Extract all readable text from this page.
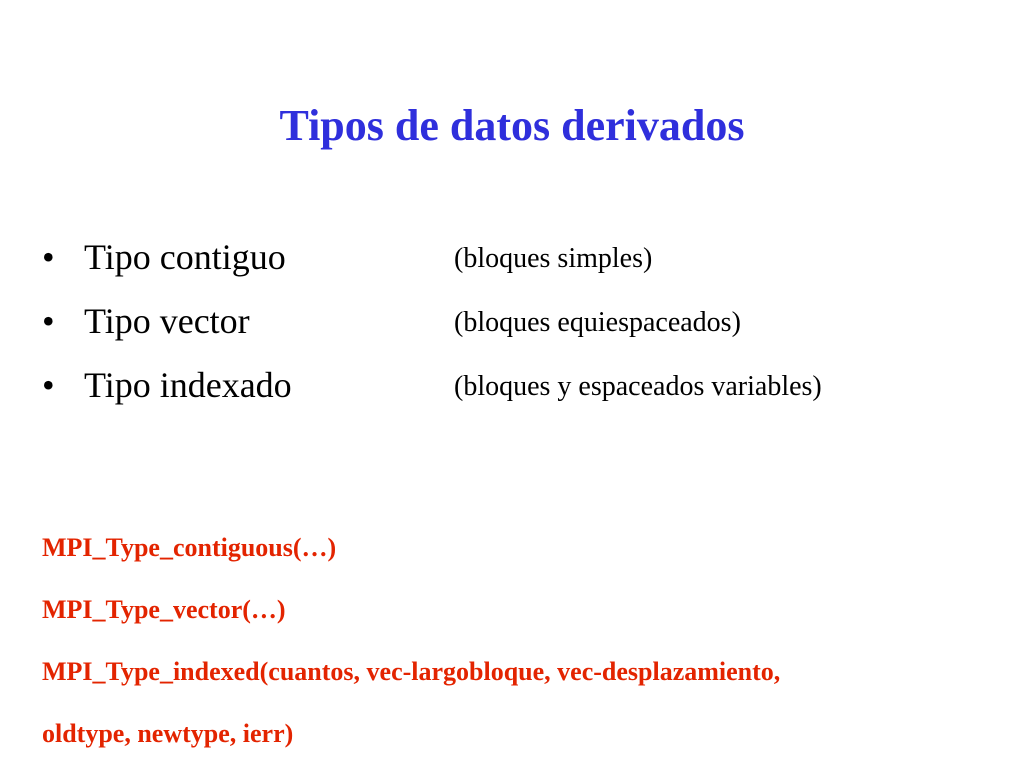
Tipos de datos derivados
• Tipo contiguo	(bloques simples)
• Tipo vector	(bloques equiespaceados)
• Tipo indexado	(bloques y espaceados variables)
MPI_Type_contiguous(…)
MPI_Type_vector(…)
MPI_Type_indexed(cuantos, vec-largobloque, vec-desplazamiento,
oldtype, newtype, ierr)
